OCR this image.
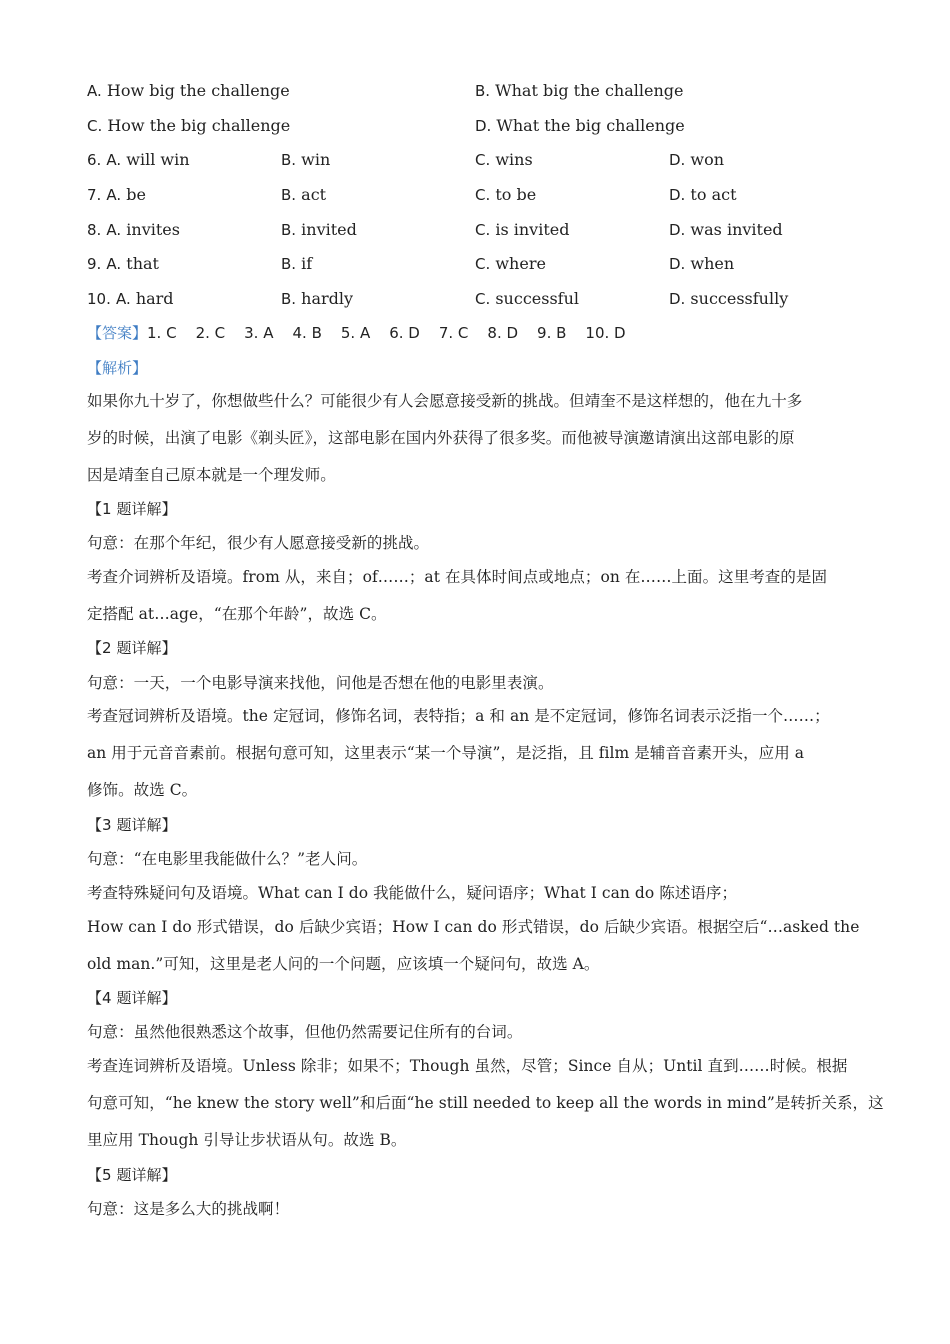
A. How big the challenge	B. What big the challenge
C. How the big challenge	D. What the big challenge
6. A. will win	B. win	C. wins	D. won
7. A. be	B. act	C. to be	D. to act
8. A. invites	B. invited	C. is invited	D. was invited
9. A. that	B. if	C. where	D. when
10. A. hard	B. hardly	C. successful	D. successfully
【答案】1. C 2. C 3. A 4. B 5. A 6. D 7. C 8. D 9. B 10. D
【解析】
如果你九十岁了，你想做些什么？可能很少有人会愿意接受新的挑战。但靖奎不是这样想的，他在九十多
岁的时候，出演了电影《剃头匠》，这部电影在国内外获得了很多奖。而他被导演邀请演出这部电影的原
因是靖奎自己原本就是一个理发师。
【1 题详解】
句意：在那个年纪，很少有人愿意接受新的挑战。
考查介词辨析及语境。from 从，来自；of……；at 在具体时间点或地点；on 在……上面。这里考查的是固
定搭配 at…age，“在那个年龄”，故选 C。
【2 题详解】
句意：一天，一个电影导演来找他，问他是否想在他的电影里表演。
考查冠词辨析及语境。the 定冠词，修饰名词，表特指；a 和 an 是不定冠词，修饰名词表示泛指一个……；
an 用于元音音素前。根据句意可知，这里表示“某一个导演”，是泛指，且 film 是辅音音素开头，应用 a
修饰。故选 C。
【3 题详解】
句意：“在电影里我能做什么？”老人问。
考查特殊疑问句及语境。What can I do 我能做什么，疑问语序；What I can do 陈述语序；
How can I do 形式错误，do 后缺少宾语；How I can do 形式错误，do 后缺少宾语。根据空后“…asked the
old man.”可知，这里是老人问的一个问题，应该填一个疑问句，故选 A。
【4 题详解】
句意：虽然他很熟悉这个故事，但他仍然需要记住所有的台词。
考查连词辨析及语境。Unless 除非；如果不；Though 虽然，尽管；Since 自从；Until 直到……时候。根据
句意可知，“he knew the story well”和后面“he still needed to keep all the words in mind”是转折关系，这
里应用 Though 引导让步状语从句。故选 B。
【5 题详解】
句意：这是多么大的挑战啊！
